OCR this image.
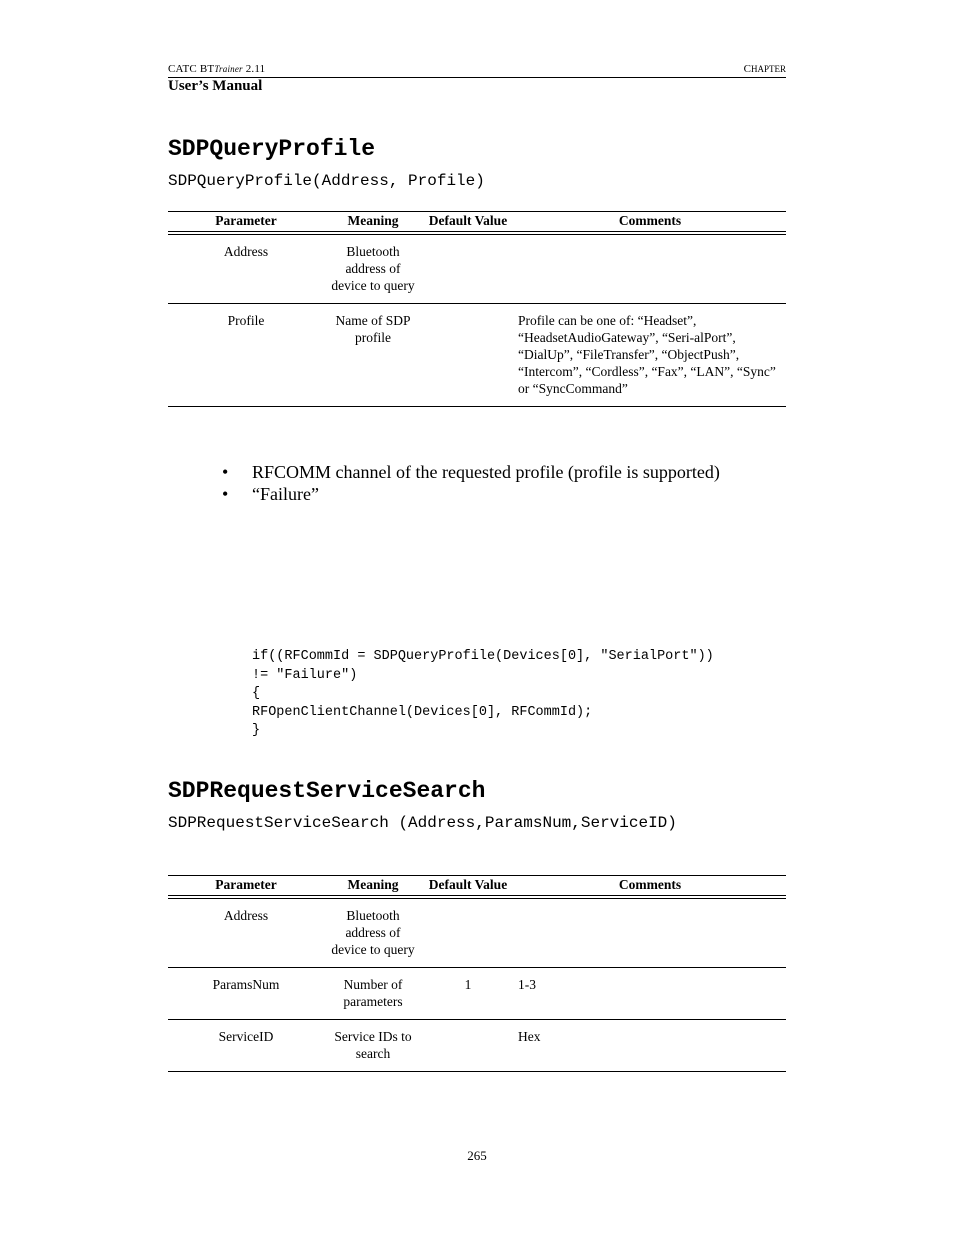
CATC BTTrainer 2.11	CHAPTER
User’s Manual
SDPQueryProfile
SDPQueryProfile(Address, Profile)
Parameter	Meaning	Default Value	Comments
Address	Bluetooth address of device to query		
Profile	Name of SDP profile		Profile can be one of: “Headset”, “HeadsetAudioGateway”, “Seri-alPort”, “DialUp”, “FileTransfer”, “ObjectPush”, “Intercom”, “Cordless”, “Fax”, “LAN”, “Sync” or “SyncCommand”
•	RFCOMM channel of the requested profile (profile is supported)
•	“Failure”
if((RFCommId = SDPQueryProfile(Devices[0], "SerialPort"))
!= "Failure")
{
RFOpenClientChannel(Devices[0], RFCommId);
}
SDPRequestServiceSearch
SDPRequestServiceSearch (Address,ParamsNum,ServiceID)
Parameter	Meaning	Default Value	Comments
Address	Bluetooth address of device to query		
ParamsNum	Number of parameters	1	1-3
ServiceID	Service IDs to search		Hex
265
